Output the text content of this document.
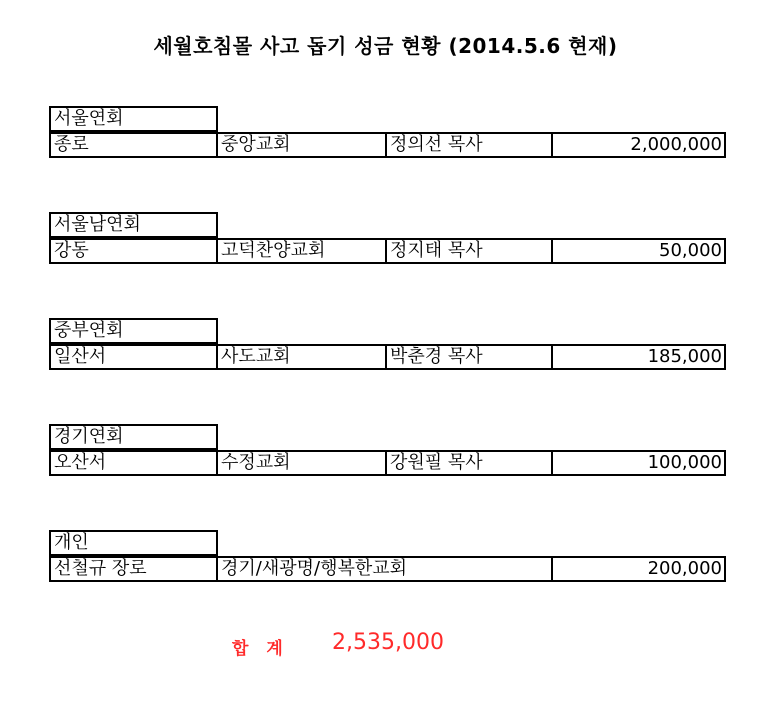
세월호침몰 사고 돕기 성금 현황 (2014.5.6 현재)
서울연회
종로	중앙교회	정의선 목사	2,000,000
서울남연회
강동	고덕찬양교회	정지태 목사	50,000
중부연회
일산서	사도교회	박춘경 목사	185,000
경기연회
오산서	수정교회	강원필 목사	100,000
개인
선철규 장로	경기/새광명/행복한교회	200,000
합 계 2,535,000
